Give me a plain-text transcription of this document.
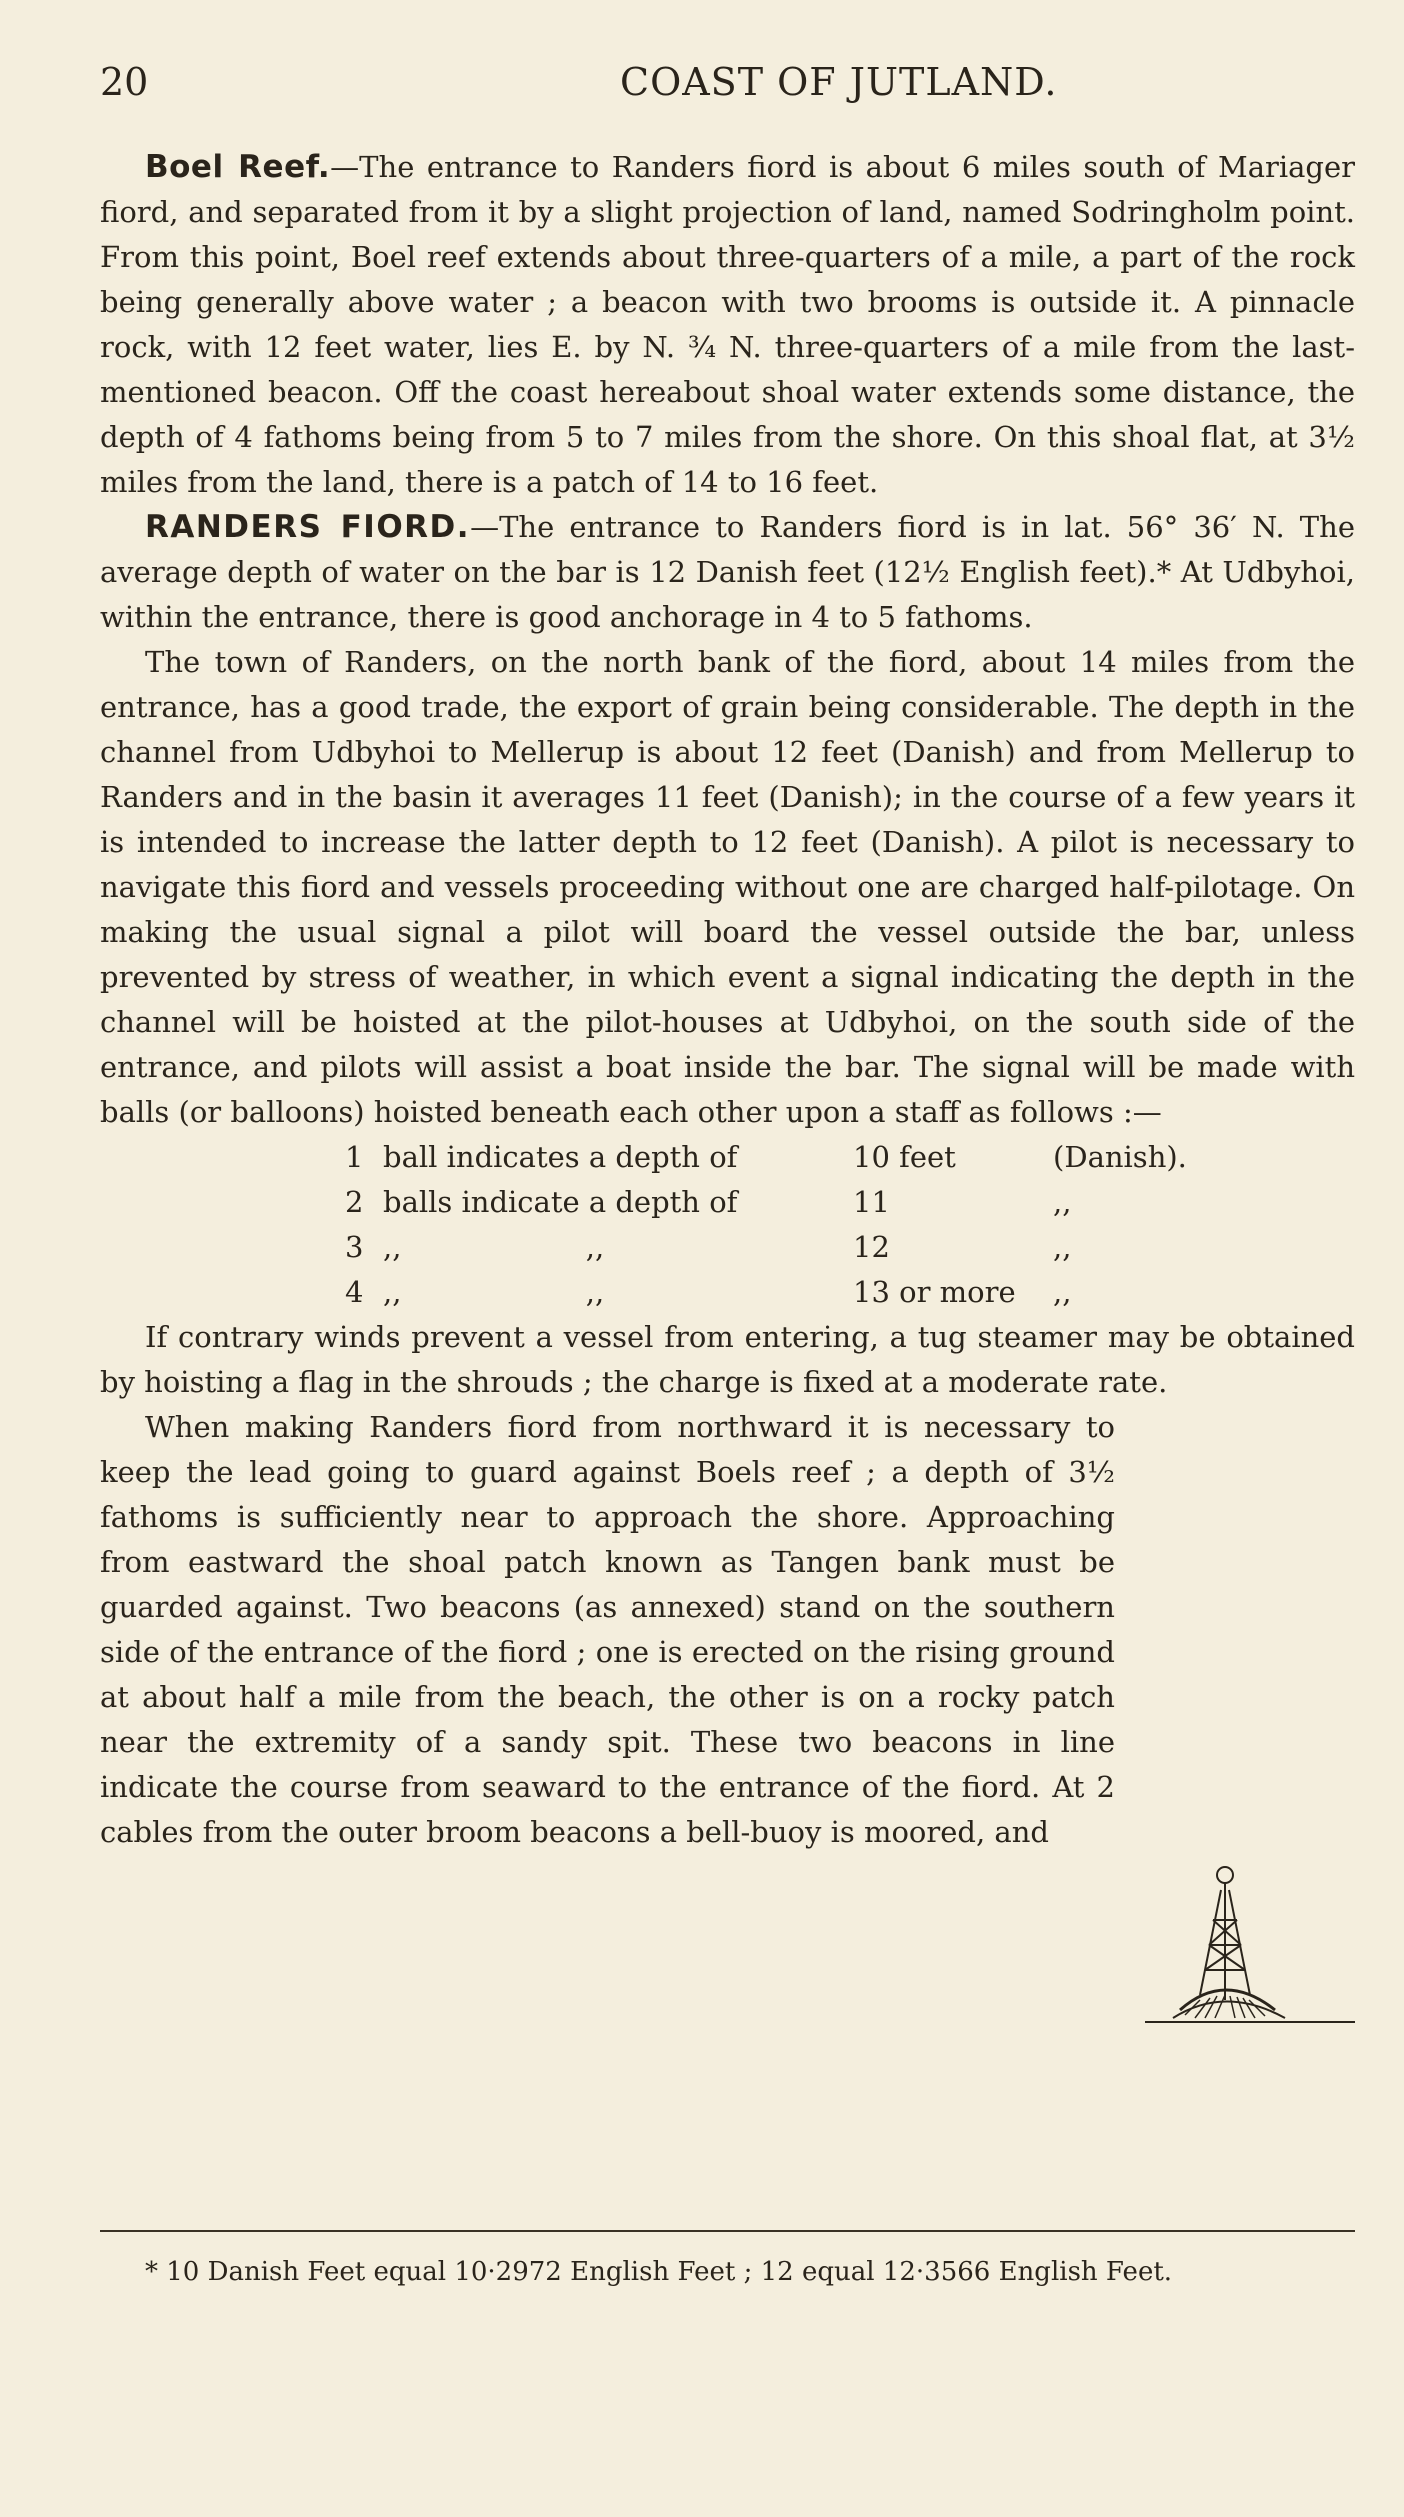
20	COAST OF JUTLAND.

Boel Reef.—The entrance to Randers fiord is about 6 miles south of Mariager fiord, and separated from it by a slight projection of land, named Sodringholm point. From this point, Boel reef extends about three-quarters of a mile, a part of the rock being generally above water ; a beacon with two brooms is outside it. A pinnacle rock, with 12 feet water, lies E. by N. ¾ N. three-quarters of a mile from the last-mentioned beacon. Off the coast hereabout shoal water extends some distance, the depth of 4 fathoms being from 5 to 7 miles from the shore. On this shoal flat, at 3½ miles from the land, there is a patch of 14 to 16 feet.

RANDERS FIORD.—The entrance to Randers fiord is in lat. 56° 36′ N. The average depth of water on the bar is 12 Danish feet (12½ English feet).* At Udbyhoi, within the entrance, there is good anchorage in 4 to 5 fathoms.

The town of Randers, on the north bank of the fiord, about 14 miles from the entrance, has a good trade, the export of grain being considerable. The depth in the channel from Udbyhoi to Mellerup is about 12 feet (Danish) and from Mellerup to Randers and in the basin it averages 11 feet (Danish); in the course of a few years it is intended to increase the latter depth to 12 feet (Danish). A pilot is necessary to navigate this fiord and vessels proceeding without one are charged half-pilotage. On making the usual signal a pilot will board the vessel outside the bar, unless prevented by stress of weather, in which event a signal indicating the depth in the channel will be hoisted at the pilot-houses at Udbyhoi, on the south side of the entrance, and pilots will assist a boat inside the bar. The signal will be made with balls (or balloons) hoisted beneath each other upon a staff as follows :—

1	ball indicates a depth of	10 feet	(Danish).
2	balls indicate a depth of	11	,,
3	,,                    ,,	12	,,
4	,,                    ,,	13 or more	,,

If contrary winds prevent a vessel from entering, a tug steamer may be obtained by hoisting a flag in the shrouds ; the charge is fixed at a moderate rate.

When making Randers fiord from northward it is necessary to keep the lead going to guard against Boels reef ; a depth of 3½ fathoms is sufficiently near to approach the shore. Approaching from eastward the shoal patch known as Tangen bank must be guarded against. Two beacons (as annexed) stand on the southern side of the entrance of the fiord ; one is erected on the rising ground at about half a mile from the beach, the other is on a rocky patch near the extremity of a sandy spit. These two beacons in line indicate the course from seaward to the entrance of the fiord. At 2 cables from the outer broom beacons a bell-buoy is moored, and

* 10 Danish Feet equal 10·2972 English Feet ; 12 equal 12·3566 English Feet.
